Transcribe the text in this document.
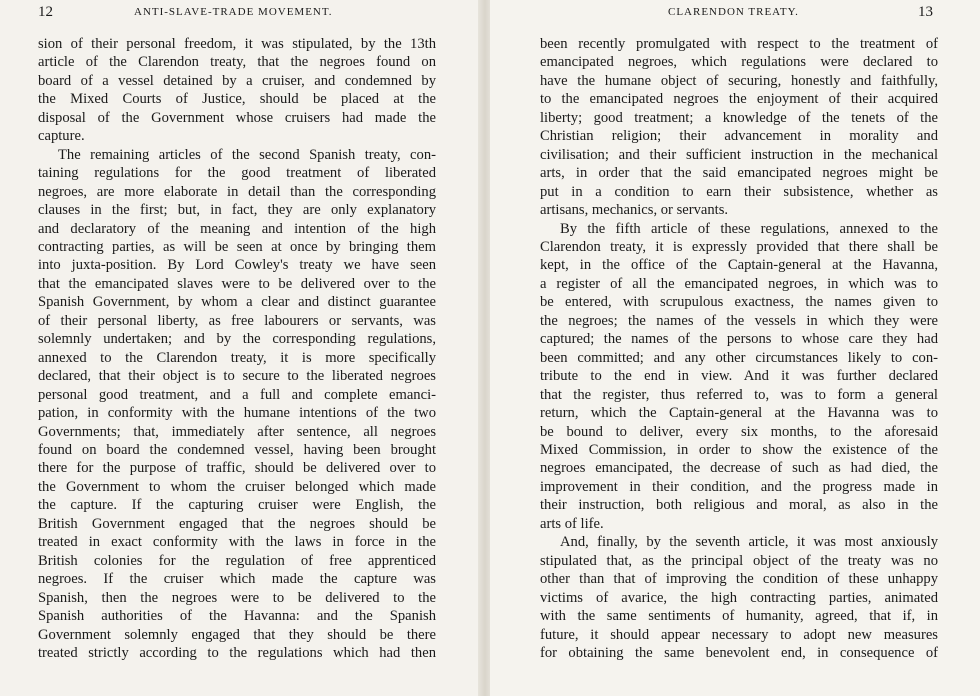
12	ANTI-SLAVE-TRADE MOVEMENT.
sion of their personal freedom, it was stipulated, by the 13th
article of the Clarendon treaty, that the negroes found on
board of a vessel detained by a cruiser, and condemned by
the Mixed Courts of Justice, should be placed at the
disposal of the Government whose cruisers had made the
capture.
The remaining articles of the second Spanish treaty, con-
taining regulations for the good treatment of liberated
negroes, are more elaborate in detail than the corresponding
clauses in the first; but, in fact, they are only explanatory
and declaratory of the meaning and intention of the high
contracting parties, as will be seen at once by bringing them
into juxta-position. By Lord Cowley's treaty we have seen
that the emancipated slaves were to be delivered over to the
Spanish Government, by whom a clear and distinct guarantee
of their personal liberty, as free labourers or servants, was
solemnly undertaken; and by the corresponding regulations,
annexed to the Clarendon treaty, it is more specifically
declared, that their object is to secure to the liberated negroes
personal good treatment, and a full and complete emanci-
pation, in conformity with the humane intentions of the two
Governments; that, immediately after sentence, all negroes
found on board the condemned vessel, having been brought
there for the purpose of traffic, should be delivered over to
the Government to whom the cruiser belonged which made
the capture. If the capturing cruiser were English, the
British Government engaged that the negroes should be
treated in exact conformity with the laws in force in the
British colonies for the regulation of free apprenticed
negroes. If the cruiser which made the capture was
Spanish, then the negroes were to be delivered to the
Spanish authorities of the Havanna: and the Spanish
Government solemnly engaged that they should be there
treated strictly according to the regulations which had then
CLARENDON TREATY.	13
been recently promulgated with respect to the treatment of
emancipated negroes, which regulations were declared to
have the humane object of securing, honestly and faithfully,
to the emancipated negroes the enjoyment of their acquired
liberty; good treatment; a knowledge of the tenets of the
Christian religion; their advancement in morality and
civilisation; and their sufficient instruction in the mechanical
arts, in order that the said emancipated negroes might be
put in a condition to earn their subsistence, whether as
artisans, mechanics, or servants.
By the fifth article of these regulations, annexed to the
Clarendon treaty, it is expressly provided that there shall be
kept, in the office of the Captain-general at the Havanna,
a register of all the emancipated negroes, in which was to
be entered, with scrupulous exactness, the names given to
the negroes; the names of the vessels in which they were
captured; the names of the persons to whose care they had
been committed; and any other circumstances likely to con-
tribute to the end in view. And it was further declared
that the register, thus referred to, was to form a general
return, which the Captain-general at the Havanna was to
be bound to deliver, every six months, to the aforesaid
Mixed Commission, in order to show the existence of the
negroes emancipated, the decrease of such as had died, the
improvement in their condition, and the progress made in
their instruction, both religious and moral, as also in the
arts of life.
And, finally, by the seventh article, it was most anxiously
stipulated that, as the principal object of the treaty was no
other than that of improving the condition of these unhappy
victims of avarice, the high contracting parties, animated
with the same sentiments of humanity, agreed, that if, in
future, it should appear necessary to adopt new measures
for obtaining the same benevolent end, in consequence of
